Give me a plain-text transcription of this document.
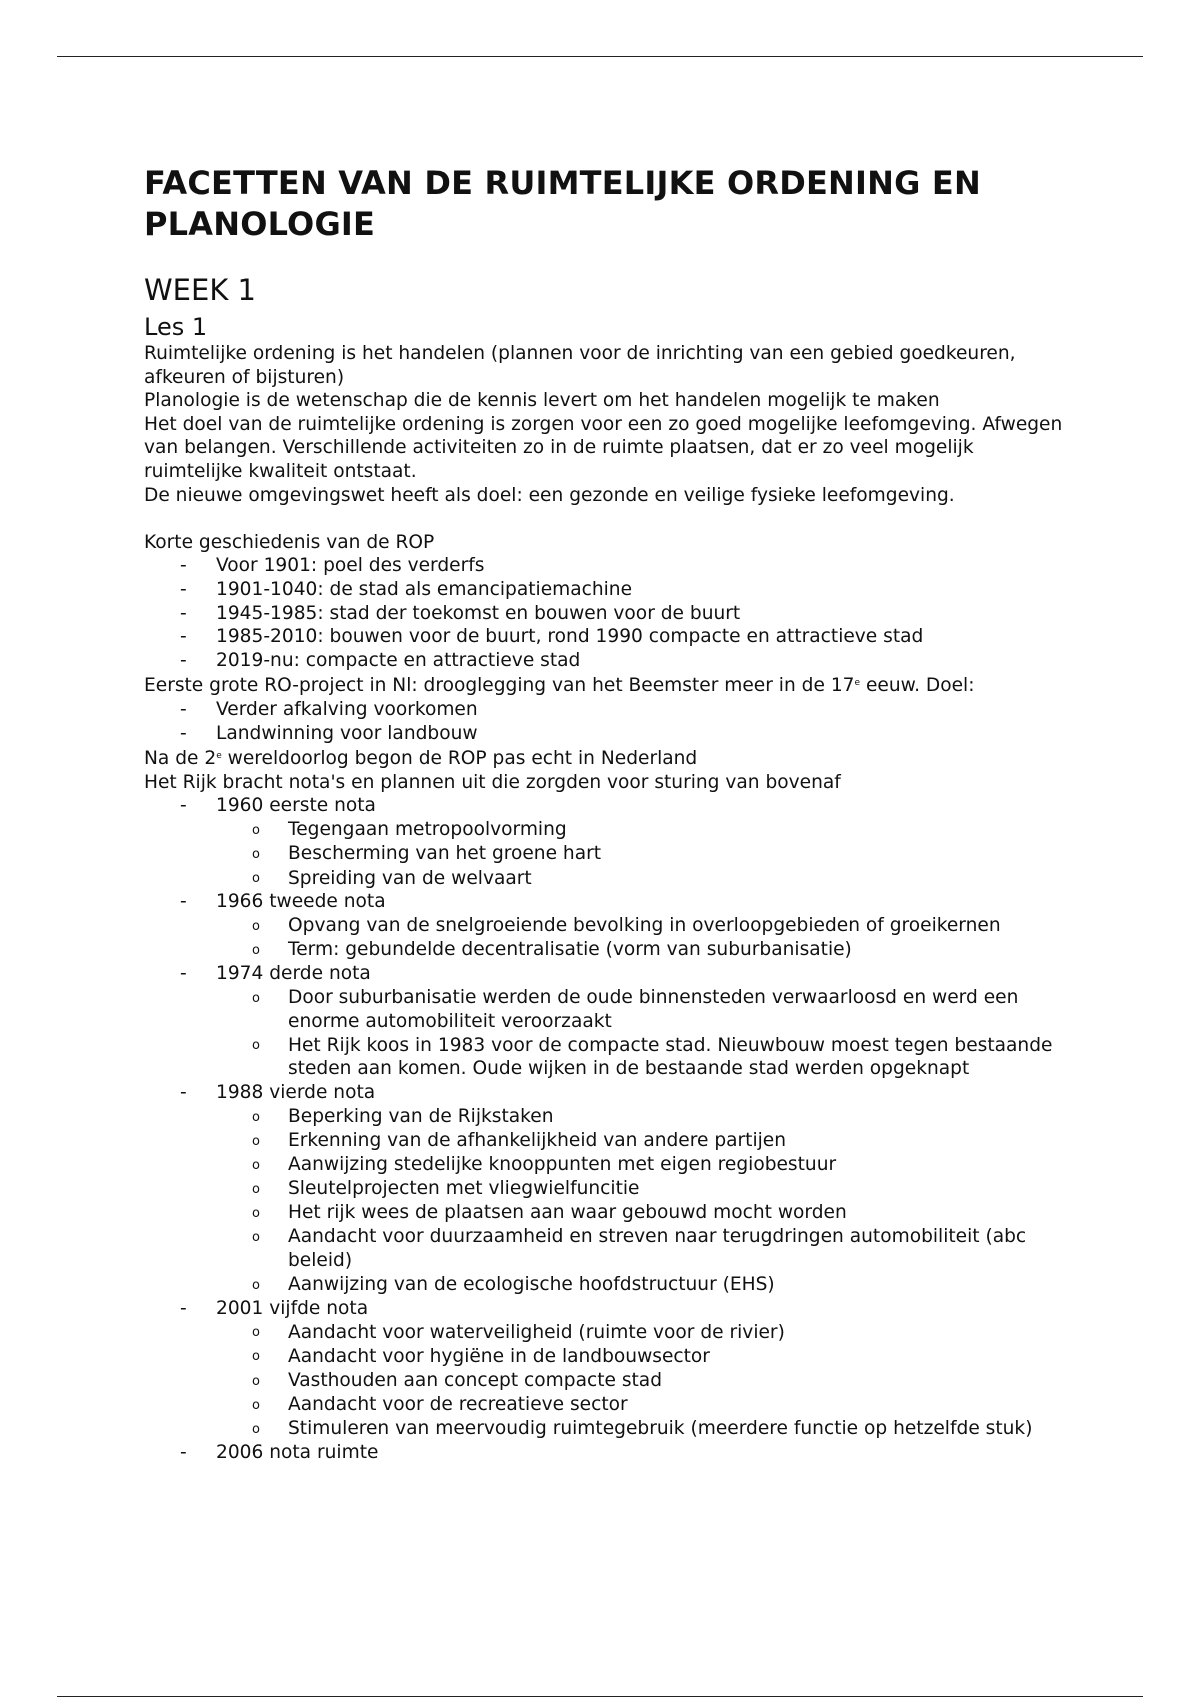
FACETTEN VAN DE RUIMTELIJKE ORDENING EN PLANOLOGIE
WEEK 1
Les 1

Ruimtelijke ordening is het handelen (plannen voor de inrichting van een gebied goedkeuren, afkeuren of bijsturen)

Planologie is de wetenschap die de kennis levert om het handelen mogelijk te maken

Het doel van de ruimtelijke ordening is zorgen voor een zo goed mogelijke leefomgeving. Afwegen van belangen. Verschillende activiteiten zo in de ruimte plaatsen, dat er zo veel mogelijk ruimtelijke kwaliteit ontstaat.

De nieuwe omgevingswet heeft als doel: een gezonde en veilige fysieke leefomgeving.

Korte geschiedenis van de ROP

- Voor 1901: poel des verderfs
- 1901-1040: de stad als emancipatiemachine
- 1945-1985: stad der toekomst en bouwen voor de buurt
- 1985-2010: bouwen voor de buurt, rond 1990 compacte en attractieve stad
- 2019-nu: compacte en attractieve stad

Eerste grote RO-project in Nl: drooglegging van het Beemster meer in de 17e eeuw. Doel:

- Verder afkalving voorkomen
- Landwinning voor landbouw

Na de 2e wereldoorlog begon de ROP pas echt in Nederland

Het Rijk bracht nota's en plannen uit die zorgden voor sturing van bovenaf

- 1960 eerste nota
o Tegengaan metropoolvorming
o Bescherming van het groene hart
o Spreiding van de welvaart
- 1966 tweede nota
o Opvang van de snelgroeiende bevolking in overloopgebieden of groeikernen
o Term: gebundelde decentralisatie (vorm van suburbanisatie)
- 1974 derde nota
o Door suburbanisatie werden de oude binnensteden verwaarloosd en werd een enorme automobiliteit veroorzaakt
o Het Rijk koos in 1983 voor de compacte stad. Nieuwbouw moest tegen bestaande steden aan komen. Oude wijken in de bestaande stad werden opgeknapt
- 1988 vierde nota
o Beperking van de Rijkstaken
o Erkenning van de afhankelijkheid van andere partijen
o Aanwijzing stedelijke knooppunten met eigen regiobestuur
o Sleutelprojecten met vliegwielfuncitie
o Het rijk wees de plaatsen aan waar gebouwd mocht worden
o Aandacht voor duurzaamheid en streven naar terugdringen automobiliteit (abc beleid)
o Aanwijzing van de ecologische hoofdstructuur (EHS)
- 2001 vijfde nota
o Aandacht voor waterveiligheid (ruimte voor de rivier)
o Aandacht voor hygiëne in de landbouwsector
o Vasthouden aan concept compacte stad
o Aandacht voor de recreatieve sector
o Stimuleren van meervoudig ruimtegebruik (meerdere functie op hetzelfde stuk)
- 2006 nota ruimte
